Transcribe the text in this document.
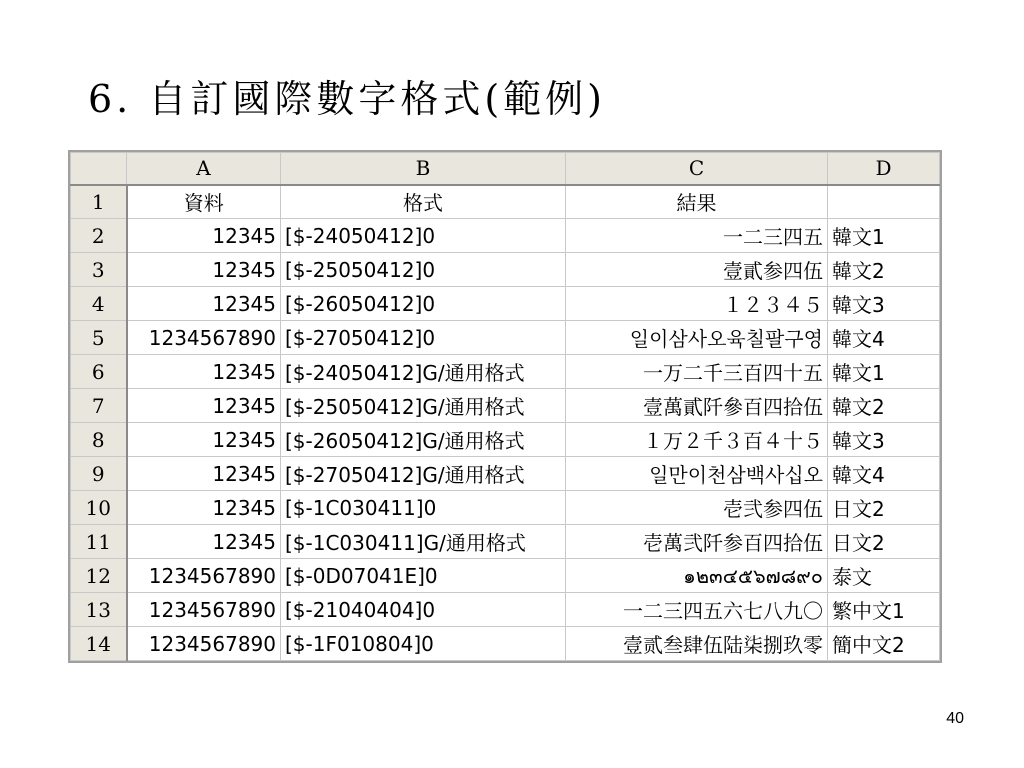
6. 自訂國際數字格式(範例)
	A	B	C	D
1	資料	格式	結果	
2	12345	[$-24050412]0	一二三四五	韓文1
3	12345	[$-25050412]0	壹貳参四伍	韓文2
4	12345	[$-26050412]0	１２３４５	韓文3
5	1234567890	[$-27050412]0	일이삼사오육칠팔구영	韓文4
6	12345	[$-24050412]G/通用格式	一万二千三百四十五	韓文1
7	12345	[$-25050412]G/通用格式	壹萬貳阡參百四拾伍	韓文2
8	12345	[$-26050412]G/通用格式	１万２千３百４十５	韓文3
9	12345	[$-27050412]G/通用格式	일만이천삼백사십오	韓文4
10	12345	[$-1C030411]0	壱弐参四伍	日文2
11	12345	[$-1C030411]G/通用格式	壱萬弐阡参百四拾伍	日文2
12	1234567890	[$-0D07041E]0	๑๒๓๔๕๖๗๘๙๐	泰文
13	1234567890	[$-21040404]0	一二三四五六七八九〇	繁中文1
14	1234567890	[$-1F010804]0	壹贰叁肆伍陆柒捌玖零	簡中文2
40
